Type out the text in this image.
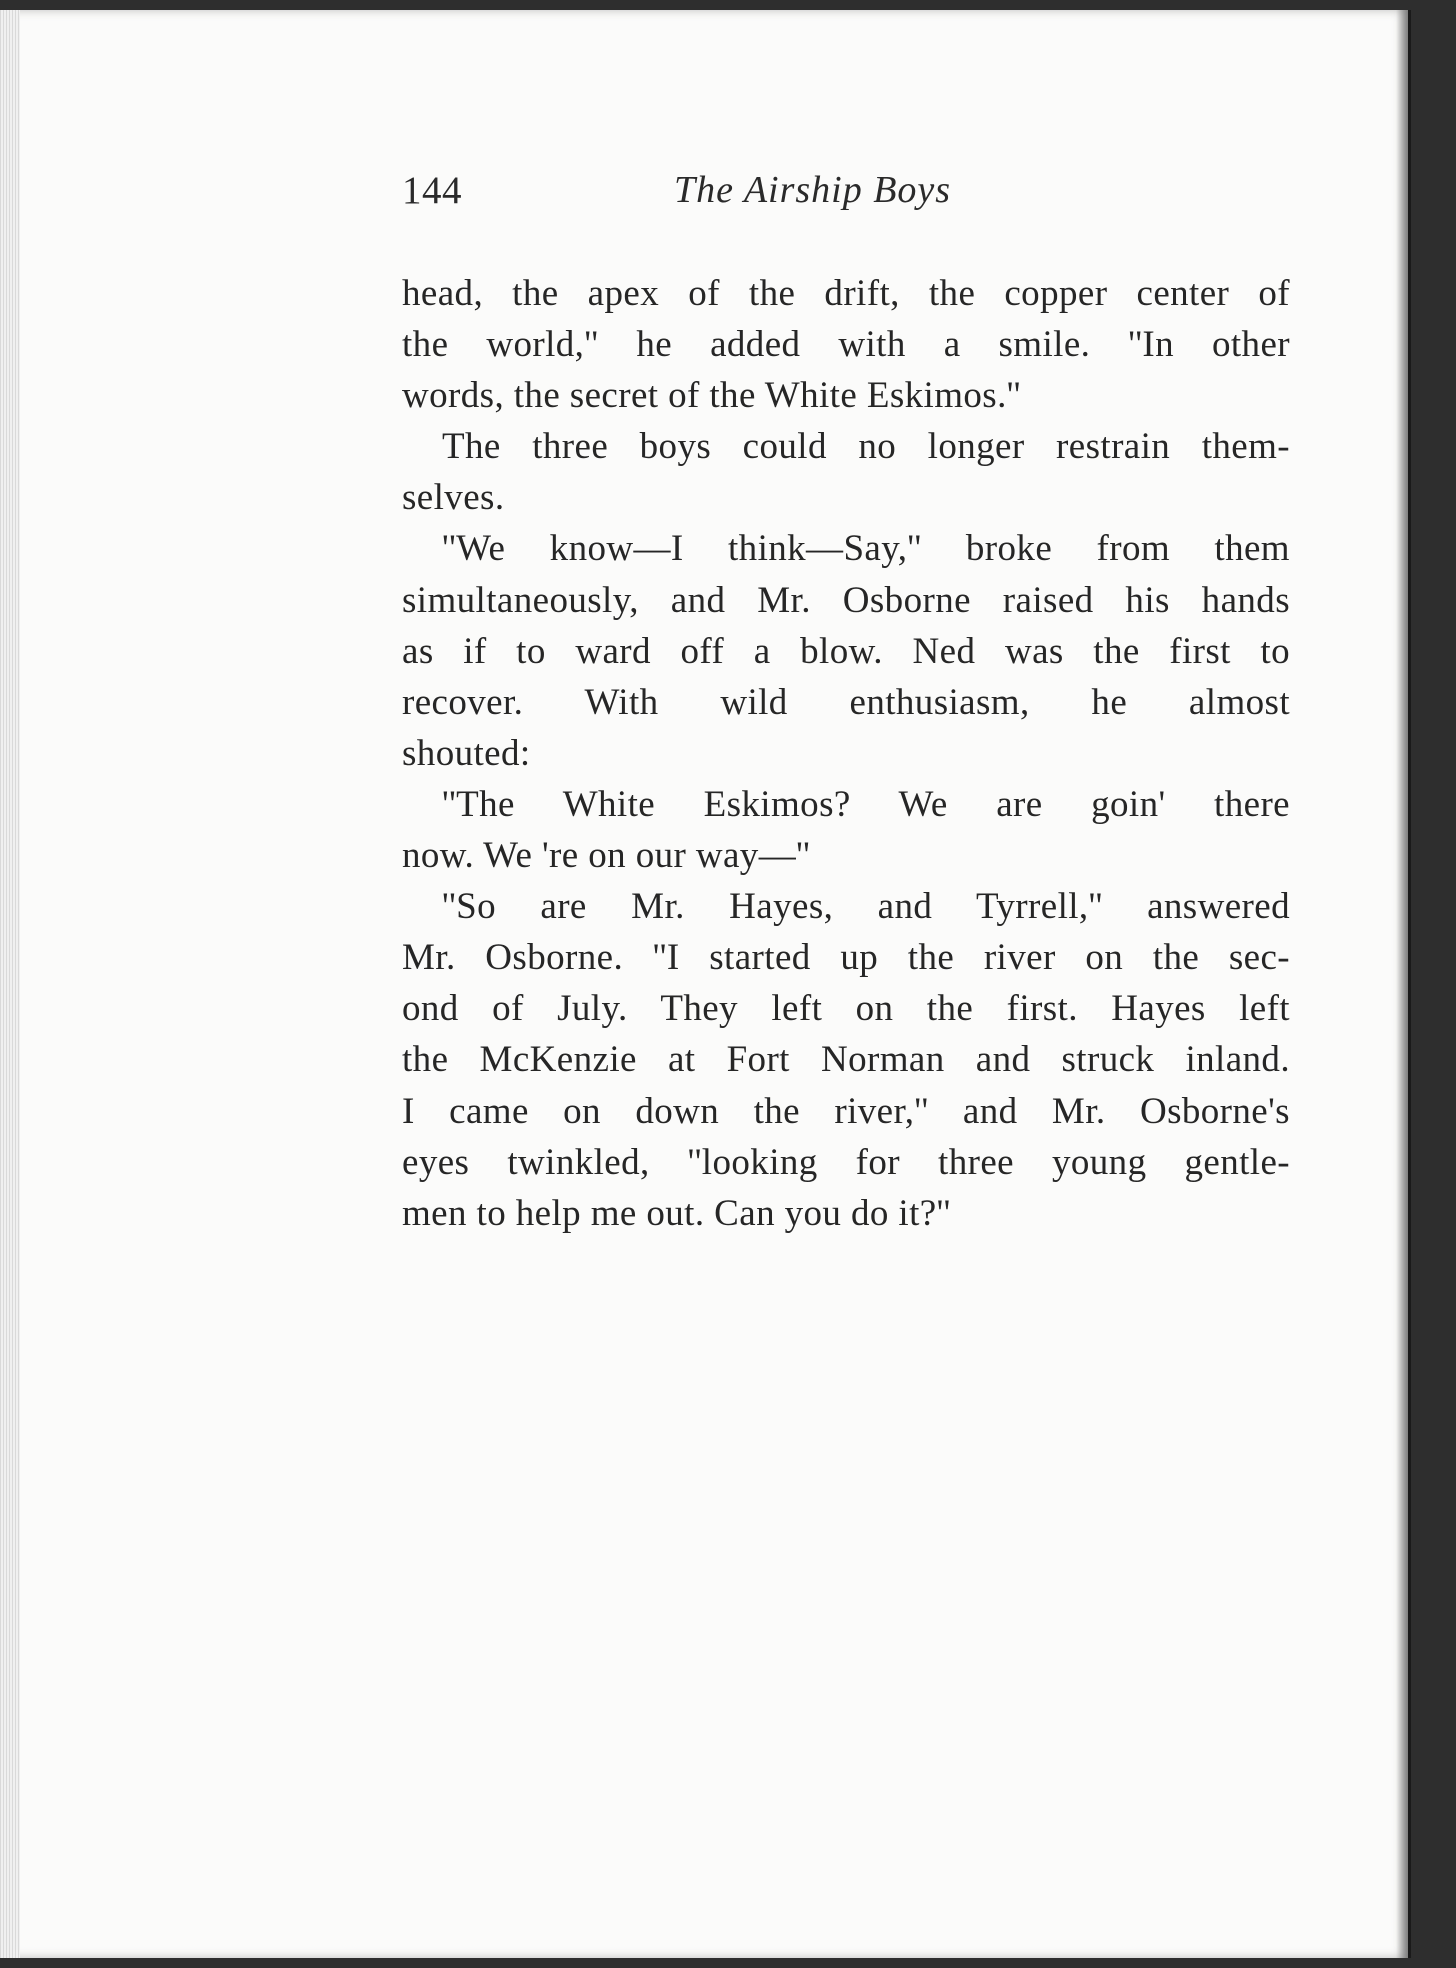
144	The Airship Boys

head, the apex of the drift, the copper center of
the world,'' he added with a smile. ''In other
words, the secret of the White Eskimos.''

The three boys could no longer restrain them-
selves.

''We know—I think—Say,'' broke from them
simultaneously, and Mr. Osborne raised his hands
as if to ward off a blow. Ned was the first to
recover. With wild enthusiasm, he almost
shouted:

''The White Eskimos? We are goin' there
now. We 're on our way—''

''So are Mr. Hayes, and Tyrrell,'' answered
Mr. Osborne. ''I started up the river on the sec-
ond of July. They left on the first. Hayes left
the McKenzie at Fort Norman and struck inland.
I came on down the river,'' and Mr. Osborne's
eyes twinkled, ''looking for three young gentle-
men to help me out. Can you do it?''
